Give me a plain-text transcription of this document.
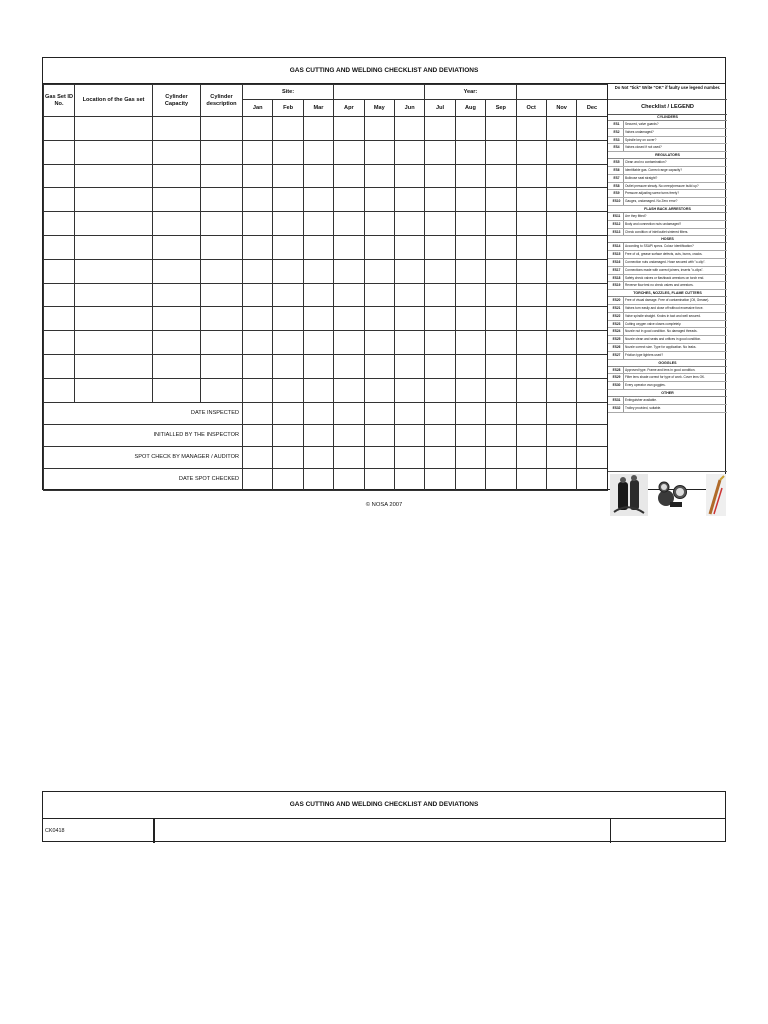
GAS CUTTING AND WELDING CHECKLIST AND DEVIATIONS
Gas Set ID No.	Location of the Gas set	Cylinder Capacity	Cylinder description	Site:						Year:					
				Jan	Feb	Mar	Apr	May	Jun	Jul	Aug	Sep	Oct	Nov	Dec

DATE INSPECTED															
INITIALLED BY THE INSPECTOR															
SPOT CHECK BY MANAGER / AUDITOR															
DATE SPOT CHECKED															
Do Not "tick" Write "OK" if faulty use legend number.
Checklist / LEGEND
CYLINDERS
ES1	Secured, valve guards?
ES2	Valves undamaged?
ES3	Spindle key on cover?
ES4	Valves closed if not used?
REGULATORS
ES5	Clean and no contamination?
ES6	Identifiable gas. Correct range capacity?
ES7	Bullnose seat straight?
ES8	Outlet pressure steady. No creep/pressure build up?
ES9	Pressure adjusting screw turns freely?
ES10	Gauges, undamaged. No Zero error?
FLASH BACK ARRESTORS
ES11	Are they fitted?
ES12	Body and connection nuts undamaged?
ES13	Check condition of inlet/outlet sintered filters.
HOSES
ES14	According to SSAPI specs. Colour identification?
ES15	Free of oil, grease surface defects, cuts, burns, cracks.
ES16	Connection nuts undamaged. Hose secured with "o-clip".
ES17	Connections made with correct joiners, inserts "o-clips".
ES18	Safety check valves or flashback arrestors on torch end.
ES19	Reverse flow test no check valves and arrestors.
TORCHES, NOZZLES, FLAME CUTTERS
ES20	Free of visual damage. Free of contamination (Oil, Grease).
ES21	Valves turn easily and close off without excessive force.
ES22	Valve spindle straight. Knobs in tact and well secured.
ES23	Cutting oxygen valve closes completely.
ES24	Nozzle nut in good condition. No damaged threads.
ES25	Nozzle clean and seats and orifices in good condition.
ES26	Nozzle correct size. Type for application. No leaks.
ES27	Friction type lighters used?
GOGGLES
ES28	Approved type. Frame and lens in good condition.
ES29	Filter lens shade correct for type of work. Cover lens OK.
ES30	Every operator own goggles.
OTHER
ES31	Extinguisher available.
ES32	Trolley provided, suitable.
© NOSA 2007
GAS CUTTING AND WELDING CHECKLIST AND DEVIATIONS
CK0418
